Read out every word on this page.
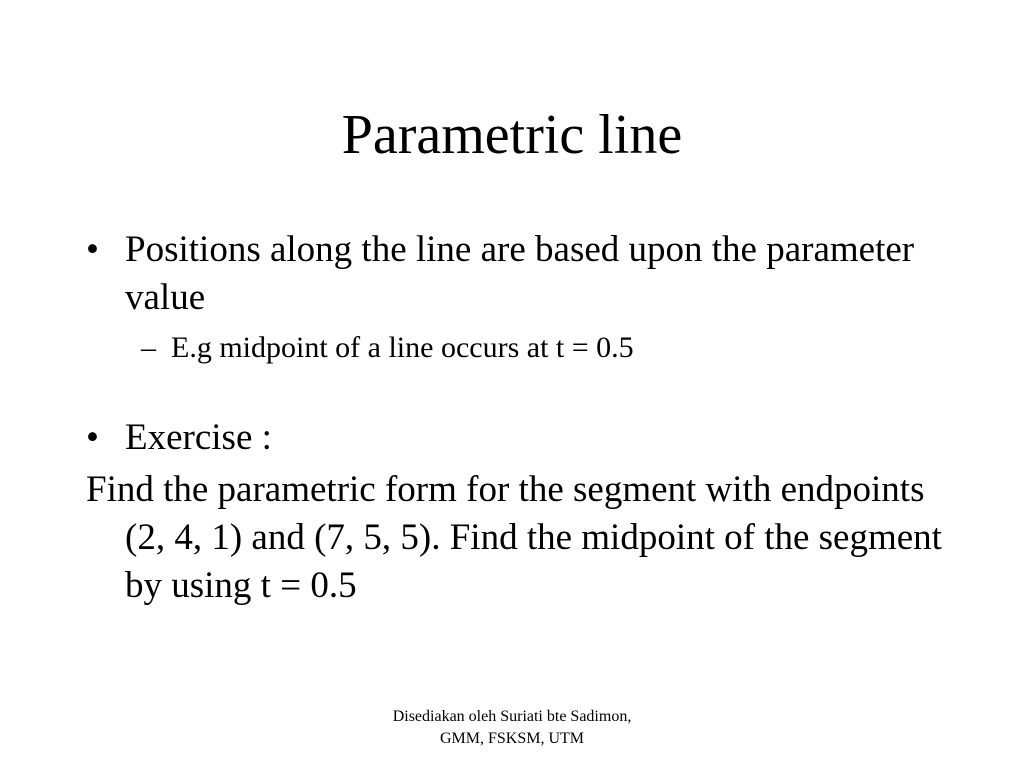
Parametric line
• Positions along the line are based upon the parameter value
– E.g midpoint of a line occurs at t = 0.5
• Exercise :
Find the parametric form for the segment with endpoints (2, 4, 1) and (7, 5, 5). Find the midpoint of the segment by using t = 0.5
Disediakan oleh Suriati bte Sadimon,
GMM, FSKSM, UTM
